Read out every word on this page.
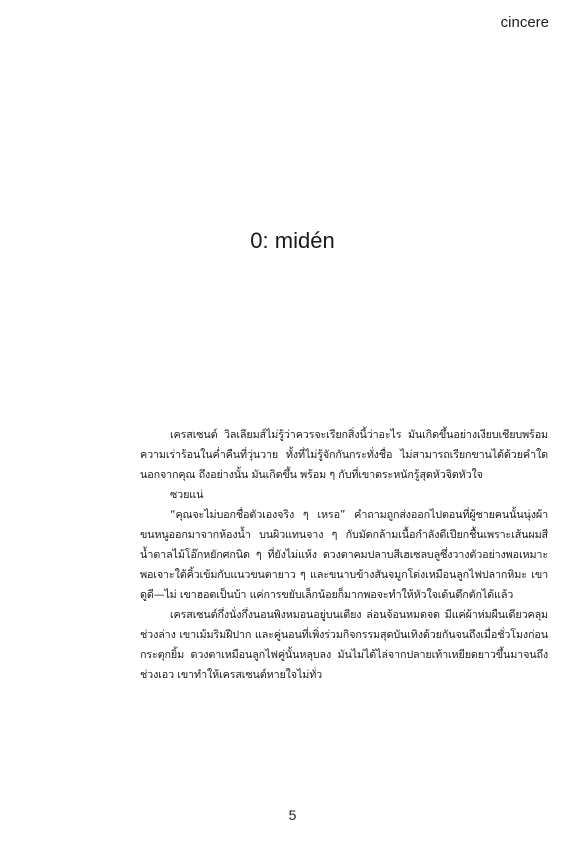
cincere
0: midén

เครสเซนต์ วิลเลียมส์ไม่รู้ว่าควรจะเรียกสิ่งนี้ว่าอะไร มันเกิดขึ้นอย่างเงียบเชียบพร้อมความเร่าร้อนในค่ำคืนที่วุ่นวาย ทั้งที่ไม่รู้จักกันกระทั่งชื่อ ไม่สามารถเรียกขานได้ด้วยคำใดนอกจากคุณ ถึงอย่างนั้น มันเกิดขึ้น พร้อม ๆ กับที่เขาตระหนักรู้สุดหัวจิตหัวใจ

ซวยแน่

“คุณจะไม่บอกชื่อตัวเองจริง ๆ เหรอ” คำถามถูกส่งออกไปตอนที่ผู้ชายคนนั้นนุ่งผ้าขนหนูออกมาจากห้องน้ำ บนผิวแทนจาง ๆ กับมัดกล้ามเนื้อกำลังดีเปียกชื้นเพราะเส้นผมสีน้ำตาลไม้โอ๊กหยักศกนิด ๆ ที่ยังไม่แห้ง ดวงตาคมปลาบสีเฮเซลบลูซึ่งวางตัวอย่างพอเหมาะพอเจาะใต้คิ้วเข้มกับแนวขนตายาว ๆ และขนาบข้างสันจมูกโด่งเหมือนลูกไฟปลากหิมะ เขาดูดี—ไม่ เขาฮอตเป็นบ้า แค่การขยับเล็กน้อยก็มากพอจะทำให้หัวใจเต้นตึกตักได้แล้ว

เครสเซนต์กึ่งนั่งกึ่งนอนพิงหมอนอยู่บนเตียง ล่อนจ้อนหมดจด มีแค่ผ้าห่มผืนเดียวคลุมช่วงล่าง เขาเม้มริมฝีปาก และคู่นอนที่เพิ่งร่วมกิจกรรมสุดบันเทิงด้วยกันจนถึงเมื่อชั่วโมงก่อนกระตุกยิ้ม ดวงตาเหมือนลูกไฟคู่นั้นหลุบลง มันไม่ได้ไล่จากปลายเท้าเหยียดยาวขึ้นมาจนถึงช่วงเอว เขาทำให้เครสเซนต์หายใจไม่ทั่ว

5
